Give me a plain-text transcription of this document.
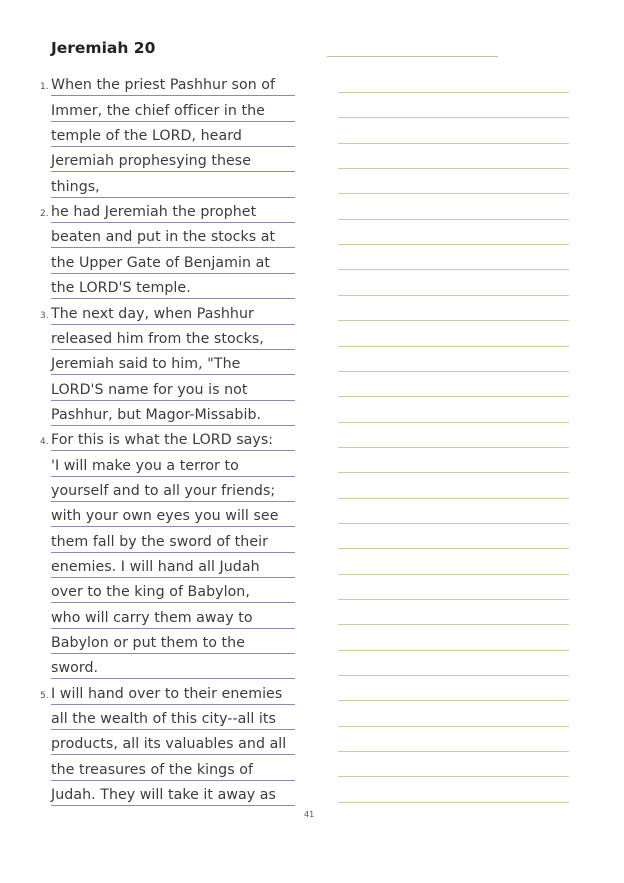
Jeremiah 20
1. When the priest Pashhur son of
Immer, the chief officer in the
temple of the LORD, heard
Jeremiah prophesying these
things,
2. he had Jeremiah the prophet
beaten and put in the stocks at
the Upper Gate of Benjamin at
the LORD'S temple.
3. The next day, when Pashhur
released him from the stocks,
Jeremiah said to him, "The
LORD'S name for you is not
Pashhur, but Magor-Missabib.
4. For this is what the LORD says:
'I will make you a terror to
yourself and to all your friends;
with your own eyes you will see
them fall by the sword of their
enemies. I will hand all Judah
over to the king of Babylon,
who will carry them away to
Babylon or put them to the
sword.
5. I will hand over to their enemies
all the wealth of this city--all its
products, all its valuables and all
the treasures of the kings of
Judah. They will take it away as
41
